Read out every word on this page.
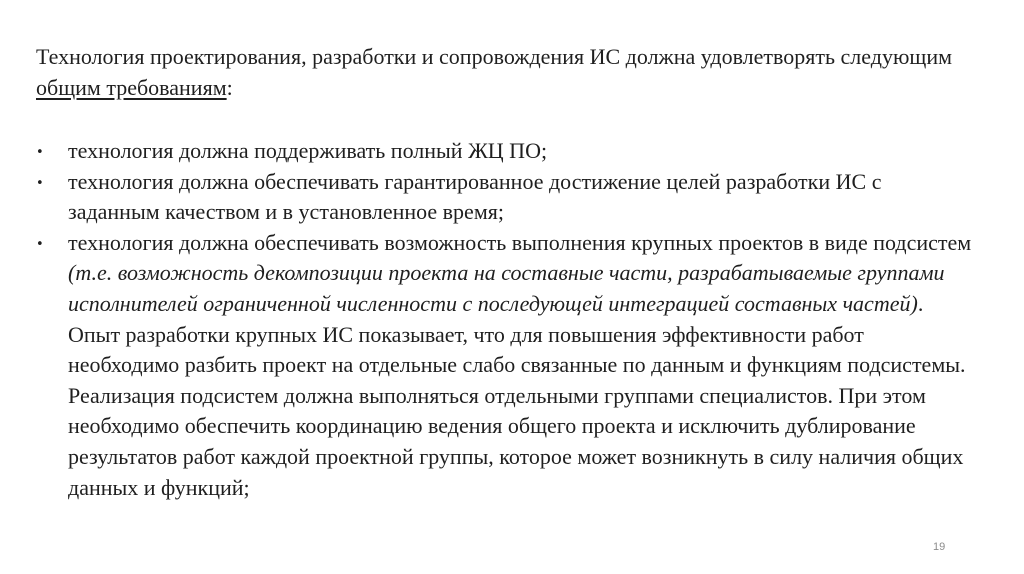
Технология проектирования, разработки и сопровождения ИС должна удовлетворять следующим общим требованиям:

• технология должна поддерживать полный ЖЦ ПО;
• технология должна обеспечивать гарантированное достижение целей разработки ИС с заданным качеством и в установленное время;
• технология должна обеспечивать возможность выполнения крупных проектов в виде подсистем (т.е. возможность декомпозиции проекта на составные части, разрабатываемые группами исполнителей ограниченной численности с последующей интеграцией составных частей). Опыт разработки крупных ИС показывает, что для повышения эффективности работ необходимо разбить проект на отдельные слабо связанные по данным и функциям подсистемы. Реализация подсистем должна выполняться отдельными группами специалистов. При этом необходимо обеспечить координацию ведения общего проекта и исключить дублирование результатов работ каждой проектной группы, которое может возникнуть в силу наличия общих данных и функций;
19
